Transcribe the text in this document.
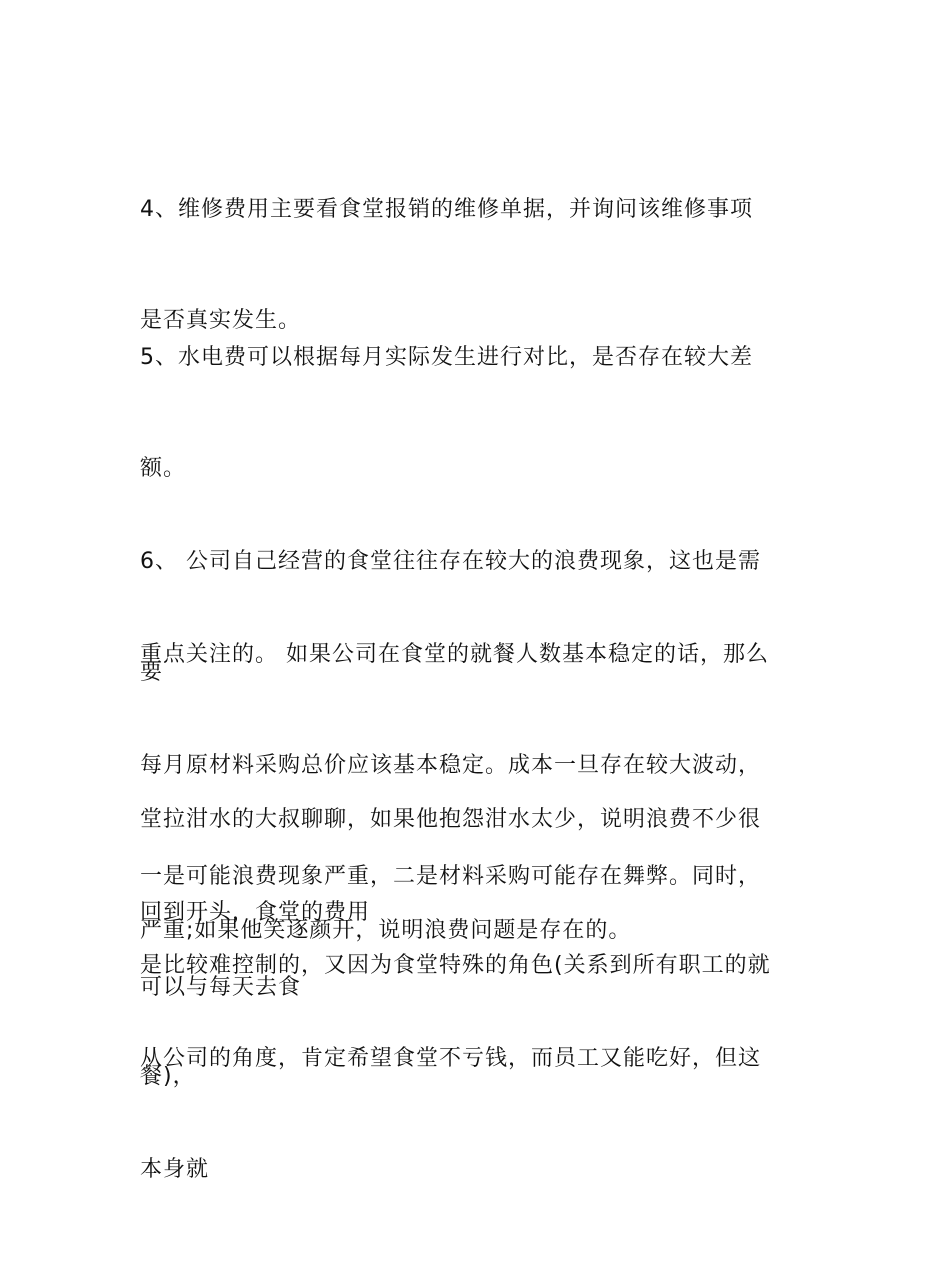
4、维修费用主要看食堂报销的维修单据，并询问该维修事项

是否真实发生。

5、水电费可以根据每月实际发生进行对比，是否存在较大差

额。

6、 公司自己经营的食堂往往存在较大的浪费现象，这也是需

要

重点关注的。 如果公司在食堂的就餐人数基本稳定的话，那么

每月原材料采购总价应该基本稳定。成本一旦存在较大波动，

一是可能浪费现象严重，二是材料采购可能存在舞弊。同时，

可以与每天去食

堂拉泔水的大叔聊聊，如果他抱怨泔水太少，说明浪费不少很

严重;如果他笑逐颜开，说明浪费问题是存在的。

回到开头，食堂的费用

是比较难控制的，又因为食堂特殊的角色(关系到所有职工的就

餐)，

从公司的角度，肯定希望食堂不亏钱，而员工又能吃好，但这

本身就
